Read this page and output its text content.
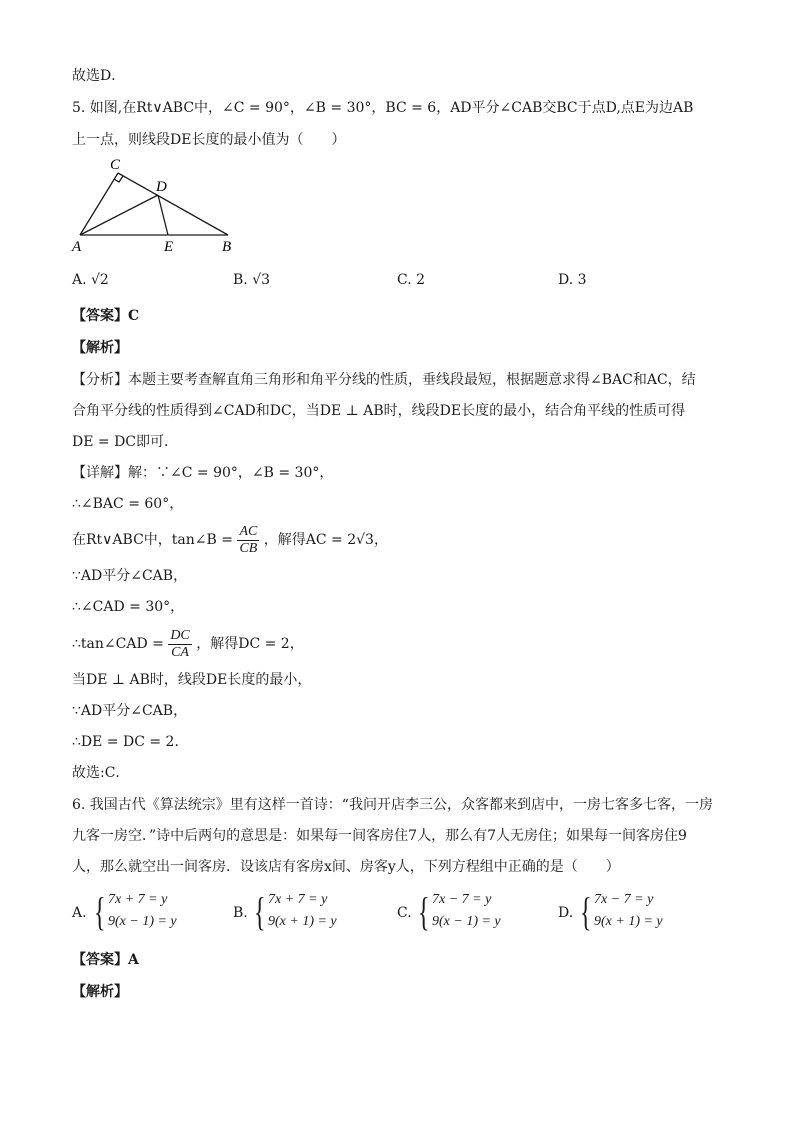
故选D．
5. 如图,在Rt∨ABC中，∠C = 90°，∠B = 30°，BC = 6，AD平分∠CAB交BC于点D,点E为边AB
上一点，则线段DE长度的最小值为（　　）
C
D
A	E	B
A. √2	B. √3	C. 2	D. 3
【答案】C
【解析】
【分析】本题主要考查解直角三角形和角平分线的性质，垂线段最短，根据题意求得∠BAC和AC，结
合角平分线的性质得到∠CAD和DC，当DE ⊥ AB时，线段DE长度的最小，结合角平线的性质可得
DE = DC即可．
【详解】解：∵∠C = 90°，∠B = 30°，
∴∠BAC = 60°，
在Rt∨ABC中，tan∠B = $\frac{AC}{CB}$ ，解得AC = 2√3，
∵AD平分∠CAB，
∴∠CAD = 30°，
∴tan∠CAD = $\frac{DC}{CA}$ ，解得DC = 2，
当DE ⊥ AB时，线段DE长度的最小，
∵AD平分∠CAB，
∴DE = DC = 2．
故选:C．
6. 我国古代《算法统宗》里有这样一首诗：“我问开店李三公，众客都来到店中，一房七客多七客，一房
九客一房空．”诗中后两句的意思是：如果每一间客房住7人，那么有7人无房住；如果每一间客房住9
人，那么就空出一间客房．设该店有客房x间、房客y人，下列方程组中正确的是（　　）
A. { 7x + 7 = y
9(x − 1) = y
B. { 7x + 7 = y
9(x + 1) = y
C. { 7x − 7 = y
9(x − 1) = y
D. { 7x − 7 = y
9(x + 1) = y
【答案】A
【解析】
